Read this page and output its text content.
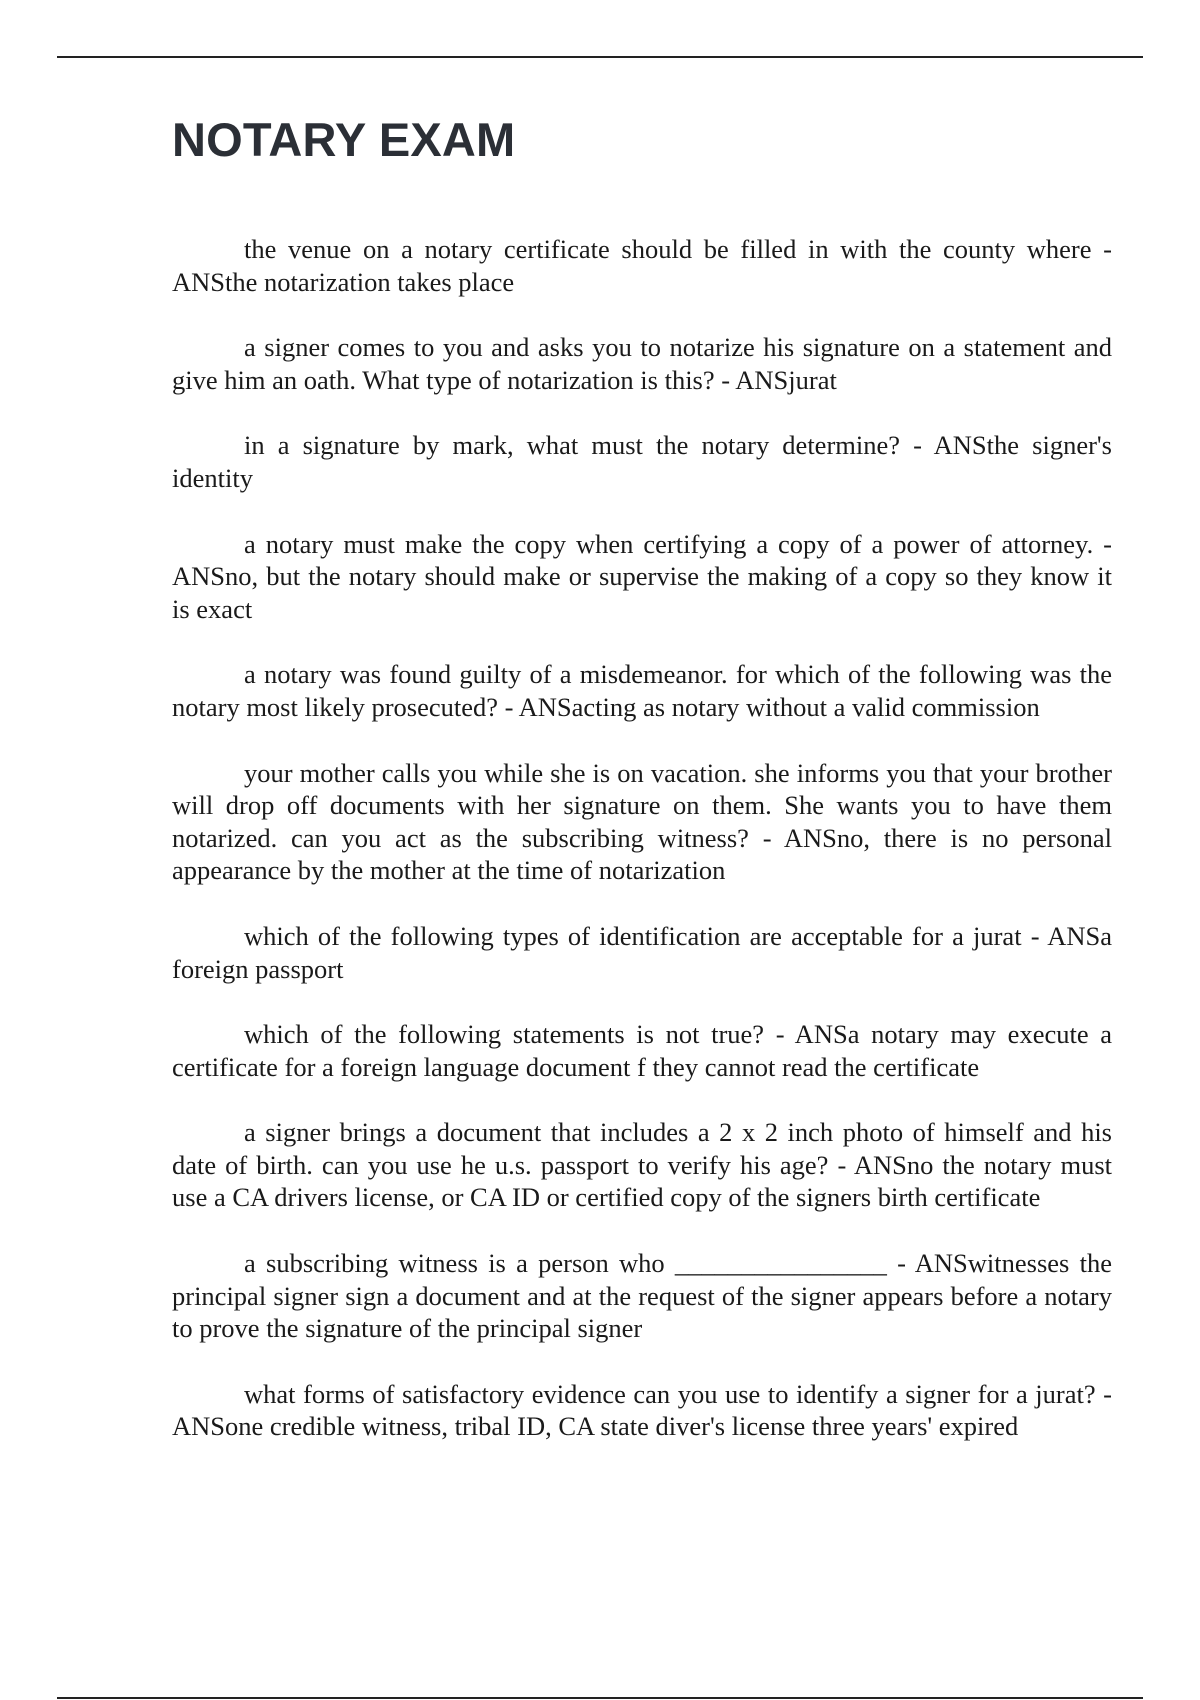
NOTARY EXAM

the venue on a notary certificate should be filled in with the county where - ANSthe notarization takes place

a signer comes to you and asks you to notarize his signature on a statement and give him an oath. What type of notarization is this? - ANSjurat

in a signature by mark, what must the notary determine? - ANSthe signer's identity

a notary must make the copy when certifying a copy of a power of attorney. - ANSno, but the notary should make or supervise the making of a copy so they know it is exact

a notary was found guilty of a misdemeanor. for which of the following was the notary most likely prosecuted? - ANSacting as notary without a valid commission

your mother calls you while she is on vacation. she informs you that your brother will drop off documents with her signature on them. She wants you to have them notarized. can you act as the subscribing witness? - ANSno, there is no personal appearance by the mother at the time of notarization

which of the following types of identification are acceptable for a jurat - ANSa foreign passport

which of the following statements is not true? - ANSa notary may execute a certificate for a foreign language document f they cannot read the certificate

a signer brings a document that includes a 2 x 2 inch photo of himself and his date of birth. can you use he u.s. passport to verify his age? - ANSno the notary must use a CA drivers license, or CA ID or certified copy of the signers birth certificate

a subscribing witness is a person who ________________ - ANSwitnesses the principal signer sign a document and at the request of the signer appears before a notary to prove the signature of the principal signer

what forms of satisfactory evidence can you use to identify a signer for a jurat? - ANSone credible witness, tribal ID, CA state diver's license three years' expired
